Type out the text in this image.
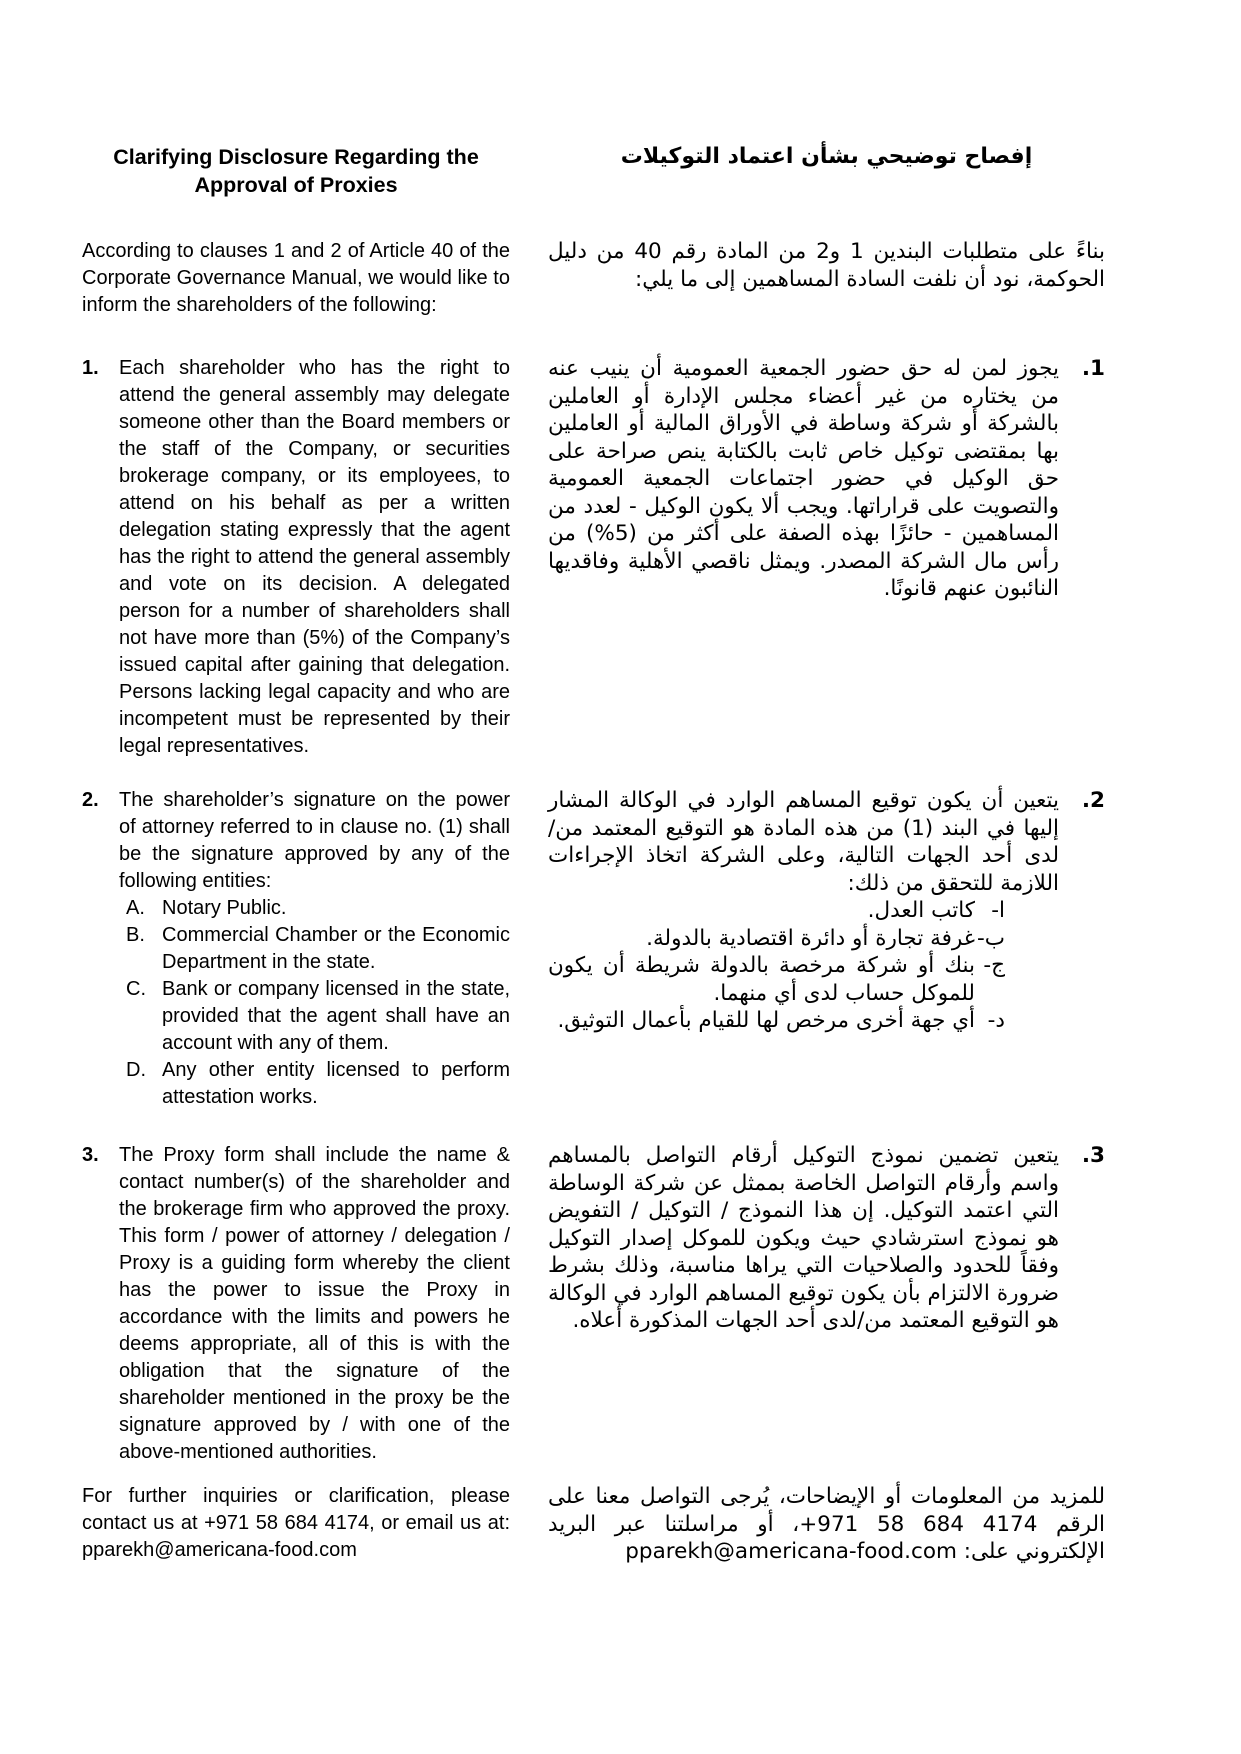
Clarifying Disclosure Regarding the Approval of Proxies
إفصاح توضيحي بشأن اعتماد التوكيلات
According to clauses 1 and 2 of Article 40 of the Corporate Governance Manual, we would like to inform the shareholders of the following:
بناءً على متطلبات البندين 1 و2 من المادة رقم 40 من دليل الحوكمة، نود أن نلفت السادة المساهمين إلى ما يلي:
1.	Each shareholder who has the right to attend the general assembly may delegate someone other than the Board members or the staff of the Company, or securities brokerage company, or its employees, to attend on his behalf as per a written delegation stating expressly that the agent has the right to attend the general assembly and vote on its decision. A delegated person for a number of shareholders shall not have more than (5%) of the Company’s issued capital after gaining that delegation. Persons lacking legal capacity and who are incompetent must be represented by their legal representatives.
1.
يجوز لمن له حق حضور الجمعية العمومية أن ينيب عنه من يختاره من غير أعضاء مجلس الإدارة أو العاملين بالشركة أو شركة وساطة في الأوراق المالية أو العاملين بها بمقتضى توكيل خاص ثابت بالكتابة ينص صراحة على حق الوكيل في حضور اجتماعات الجمعية العمومية والتصويت على قراراتها. ويجب ألا يكون الوكيل - لعدد من المساهمين - حائزًا بهذه الصفة على أكثر من ‎(%5)‎ من رأس مال الشركة المصدر. ويمثل ناقصي الأهلية وفاقديها النائبون عنهم قانونًا.
2.	The shareholder’s signature on the power of attorney referred to in clause no. (1) shall be the signature approved by any of the following entities:
A. Notary Public.
B. Commercial Chamber or the Economic Department in the state.
C. Bank or company licensed in the state, provided that the agent shall have an account with any of them.
D. Any other entity licensed to perform attestation works.
2.
يتعين أن يكون توقيع المساهم الوارد في الوكالة المشار إليها في البند ‎(1)‎ من هذه المادة هو التوقيع المعتمد من/ لدى أحد الجهات التالية، وعلى الشركة اتخاذ الإجراءات اللازمة للتحقق من ذلك:
ا-
كاتب العدل.
ب-
غرفة تجارة أو دائرة اقتصادية بالدولة.
ج-
بنك أو شركة مرخصة بالدولة شريطة أن يكون للموكل حساب لدى أي منهما.
د-
أي جهة أخرى مرخص لها للقيام بأعمال التوثيق.
3.	The Proxy form shall include the name & contact number(s) of the shareholder and the brokerage firm who approved the proxy. This form / power of attorney / delegation / Proxy is a guiding form whereby the client has the power to issue the Proxy in accordance with the limits and powers he deems appropriate, all of this is with the obligation that the signature of the shareholder mentioned in the proxy be the signature approved by / with one of the above-mentioned authorities.
3.
يتعين تضمين نموذج التوكيل أرقام التواصل بالمساهم واسم وأرقام التواصل الخاصة بممثل عن شركة الوساطة التي اعتمد التوكيل. إن هذا النموذج / التوكيل / التفويض هو نموذج استرشادي حيث ويكون للموكل إصدار التوكيل وفقاً للحدود والصلاحيات التي يراها مناسبة، وذلك بشرط ضرورة الالتزام بأن يكون توقيع المساهم الوارد في الوكالة هو التوقيع المعتمد من/لدى أحد الجهات المذكورة أعلاه.
For further inquiries or clarification, please contact us at +971 58 684 4174, or email us at: pparekh@americana-food.com
للمزيد من المعلومات أو الإيضاحات، يُرجى التواصل معنا على الرقم ‎+971 58 684 4174‎، أو مراسلتنا عبر البريد الإلكتروني على: pparekh@americana-food.com
